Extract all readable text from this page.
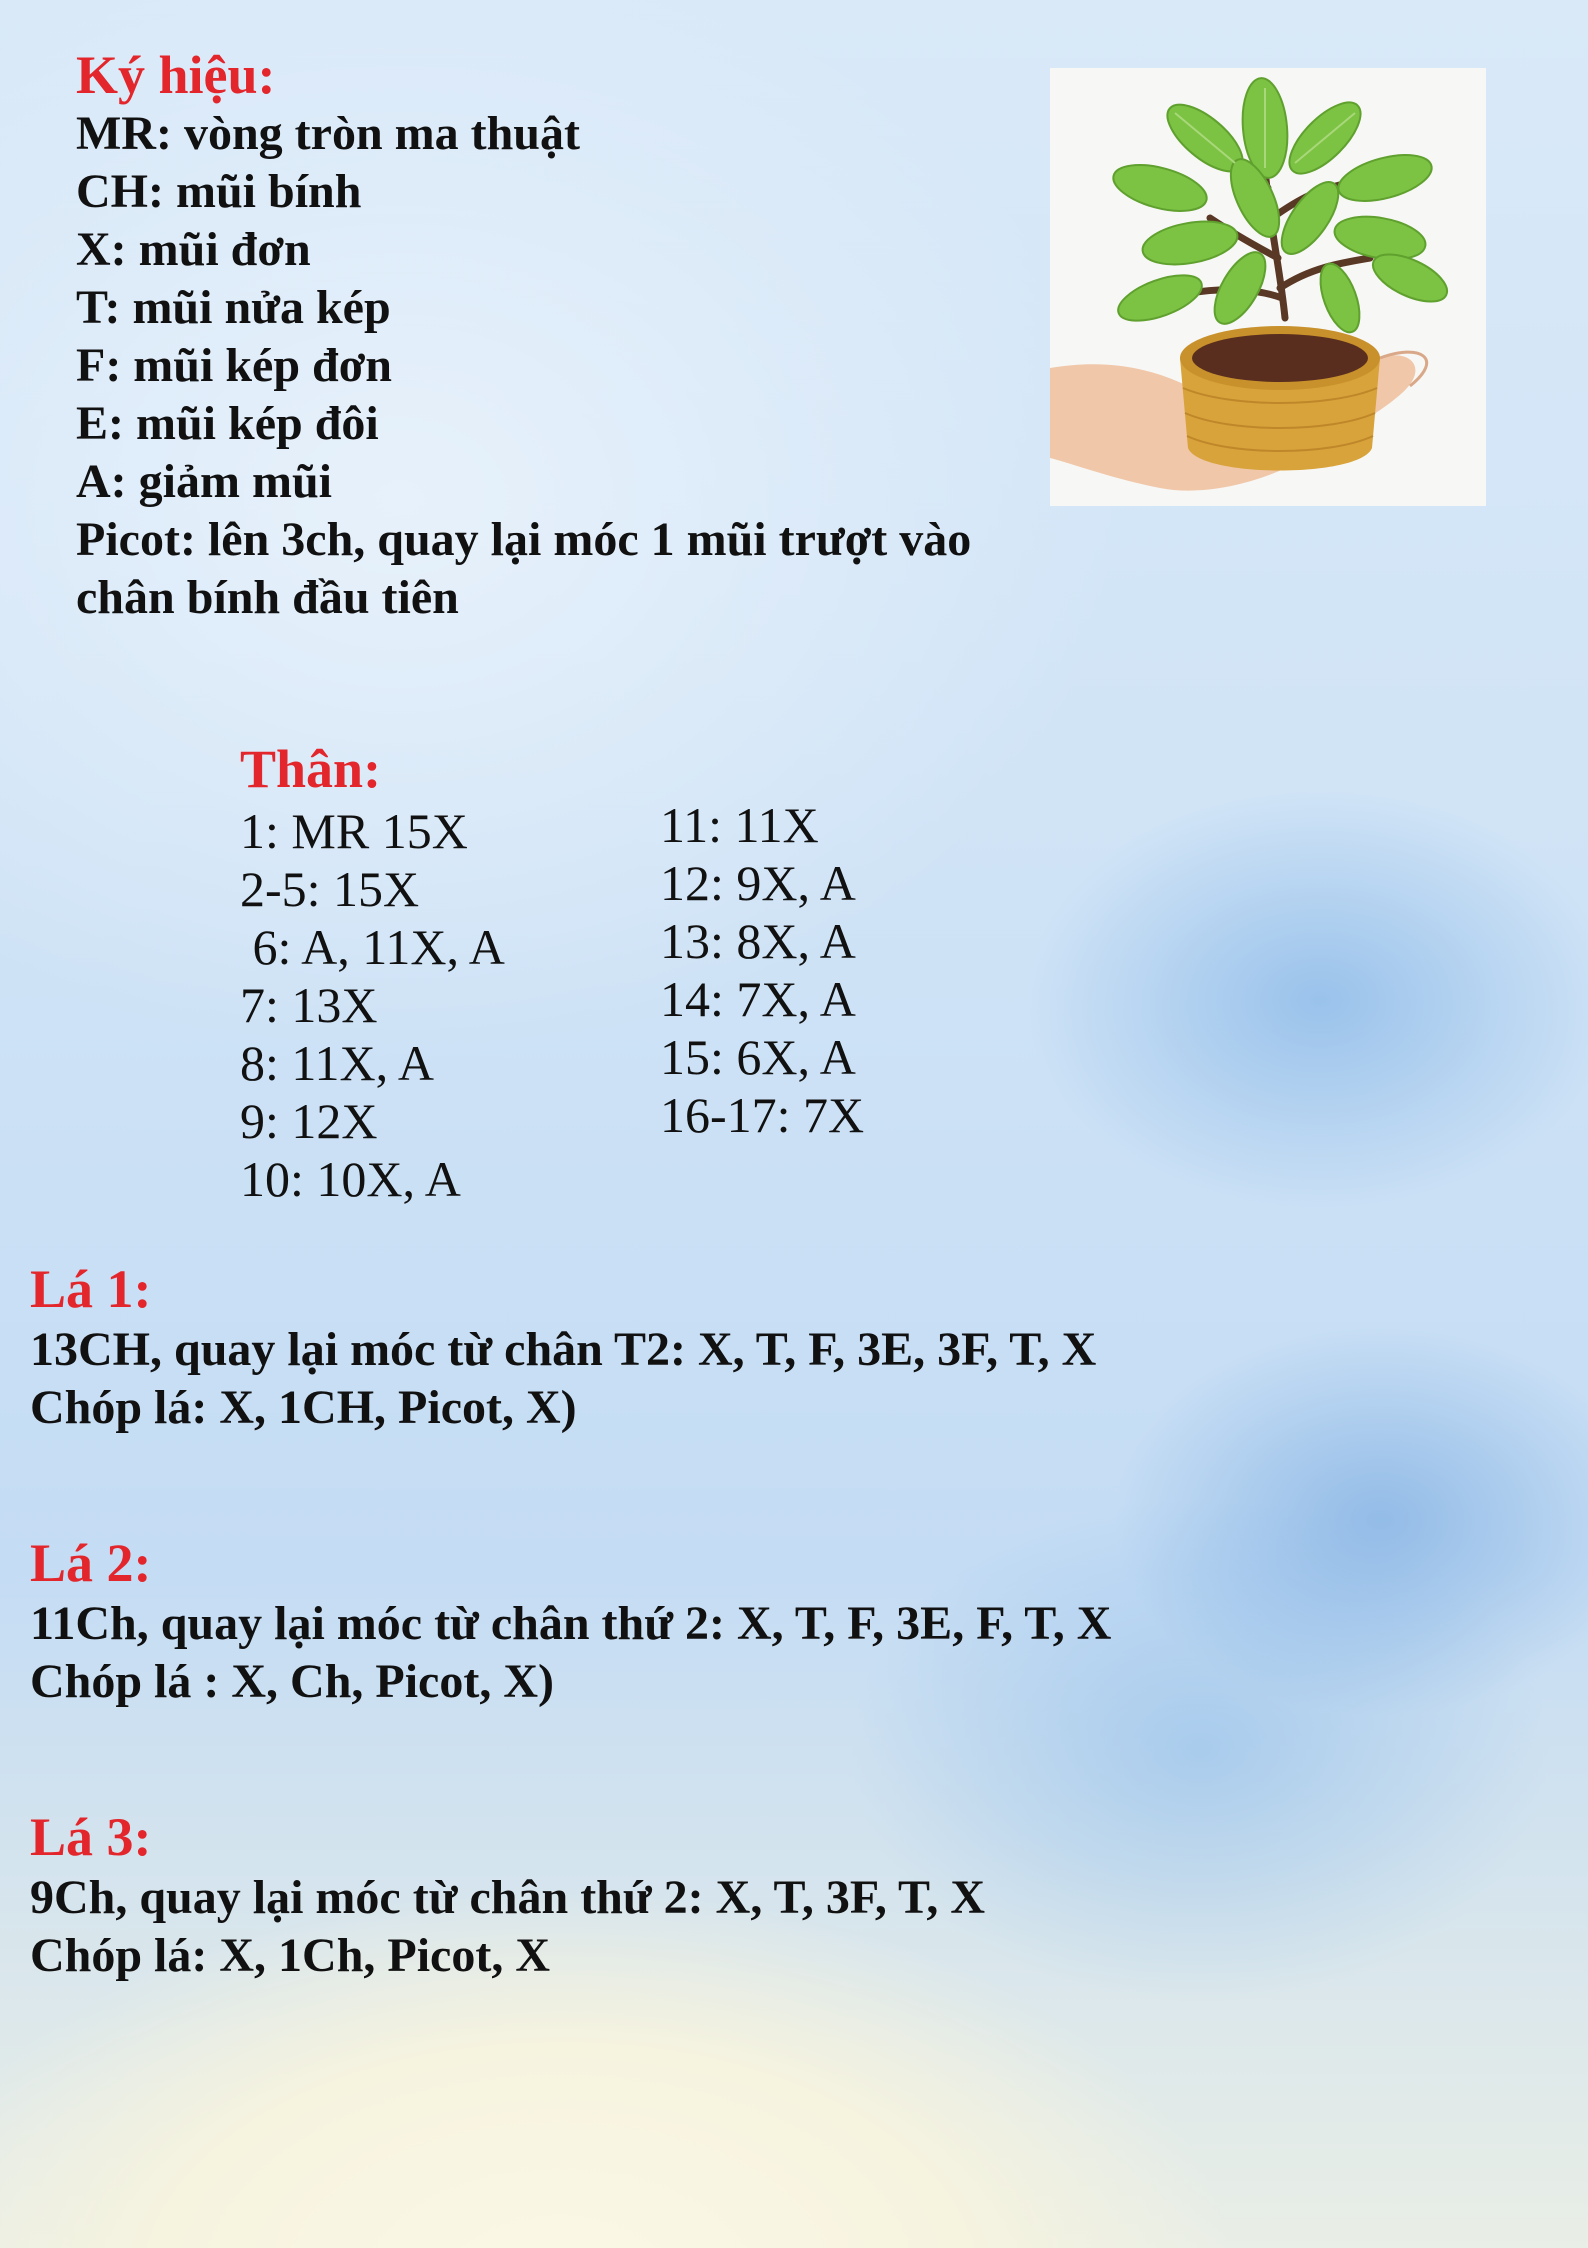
Ký hiệu:

MR: vòng tròn ma thuật

CH: mũi bính

X: mũi đơn

T: mũi nửa kép

F: mũi kép đơn

E: mũi kép đôi

A: giảm mũi

Picot: lên 3ch, quay lại móc 1 mũi trượt vào

chân bính đầu tiên

Thân:

1: MR 15X

2-5: 15X

6: A, 11X, A

7: 13X

8: 11X, A

9: 12X

10: 10X, A

11: 11X

12: 9X, A

13: 8X, A

14: 7X, A

15: 6X, A

16-17: 7X

Lá 1:

13CH, quay lại móc từ chân T2: X, T, F, 3E, 3F, T, X

Chóp lá: X, 1CH, Picot, X)

Lá 2:

11Ch, quay lại móc từ chân thứ 2: X, T, F, 3E, F, T, X

Chóp lá : X, Ch, Picot, X)

Lá 3:

9Ch, quay lại móc từ chân thứ 2: X, T, 3F, T, X

Chóp lá: X, 1Ch, Picot, X
